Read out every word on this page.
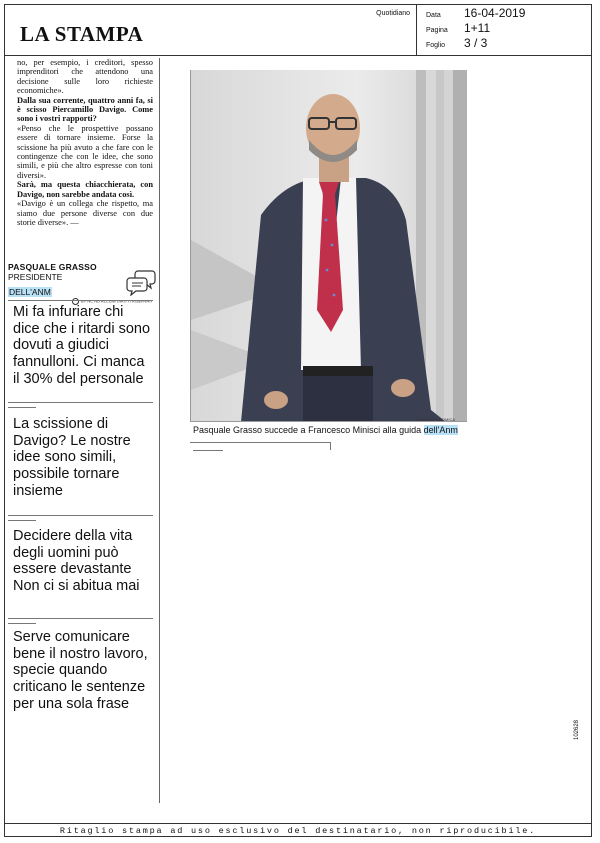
LA STAMPA
Quotidiano Data 16-04-2019
Pagina 1+11
Foglio 3 / 3

no, per esempio, i creditori, spesso imprenditori che attendono una decisione sulle loro richieste economiche».

Dalla sua corrente, quattro anni fa, si è scisso Piercamillo Davigo. Come sono i vostri rapporti?

«Penso che le prospettive possano essere di tornare insieme. Forse la scissione ha più avuto a che fare con le contingenze che con le idee, che sono simili, e più che altro espresse con toni diversi».

Sarà, ma questa chiacchierata, con Davigo, non sarebbe andata così.

«Davigo è un collega che rispetto, ma siamo due persone diverse con due storie diverse». —

BY NC ND ALCUNI DIRITTI RISERVATI
PASQUALE GRASSO
PRESIDENTE
DELL'ANM
Mi fa infuriare chi dice che i ritardi sono dovuti a giudici fannulloni. Ci manca il 30% del personale
La scissione di Davigo? Le nostre idee sono simili, possibile tornare insieme
Decidere della vita degli uomini può essere devastante Non ci si abitua mai
Serve comunicare bene il nostro lavoro, specie quando criticano le sentenze per una sola frase
IMAGOECONOMICA
Pasquale Grasso succede a Francesco Minisci alla guida dell'Anm
102628
Ritaglio stampa ad uso esclusivo del destinatario, non riproducibile.
